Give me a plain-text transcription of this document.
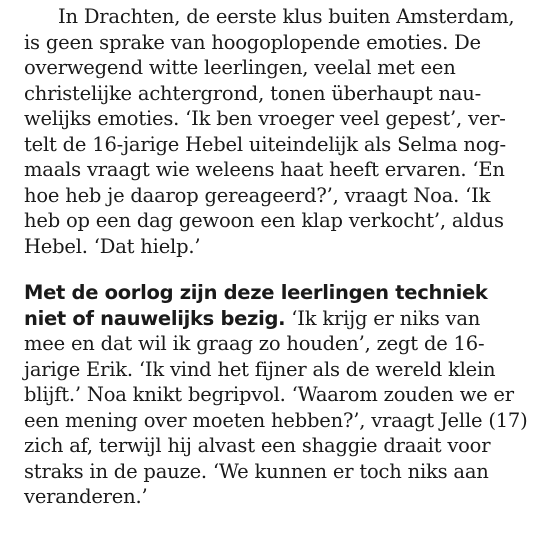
In Drachten, de eerste klus buiten Amsterdam,
is geen sprake van hoogoplopende emoties. De
overwegend witte leerlingen, veelal met een
christelijke achtergrond, tonen überhaupt nau-
welijks emoties. ‘Ik ben vroeger veel gepest’, ver-
telt de 16-jarige Hebel uiteindelijk als Selma nog-
maals vraagt wie weleens haat heeft ervaren. ‘En
hoe heb je daarop gereageerd?’, vraagt Noa. ‘Ik
heb op een dag gewoon een klap verkocht’, aldus
Hebel. ‘Dat hielp.’
Met de oorlog zijn deze leerlingen techniek
niet of nauwelijks bezig. ‘Ik krijg er niks van
mee en dat wil ik graag zo houden’, zegt de 16-
jarige Erik. ‘Ik vind het fijner als de wereld klein
blijft.’ Noa knikt begripvol. ‘Waarom zouden we er
een mening over moeten hebben?’, vraagt Jelle (17)
zich af, terwijl hij alvast een shaggie draait voor
straks in de pauze. ‘We kunnen er toch niks aan
veranderen.’
